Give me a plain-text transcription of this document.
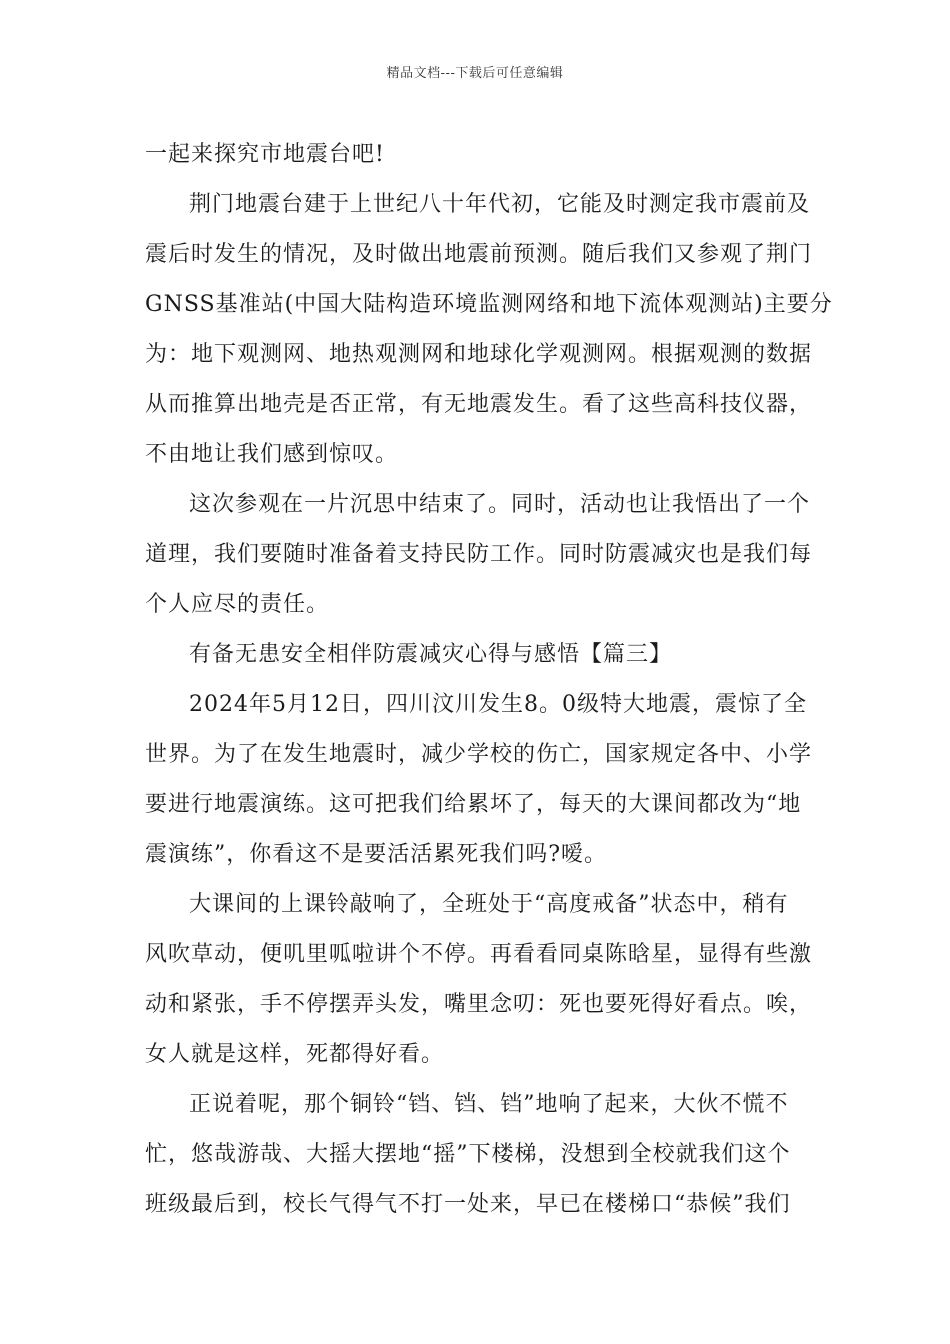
精品文档---下载后可任意编辑
一起来探究市地震台吧!
荆门地震台建于上世纪八十年代初，它能及时测定我市震前及
震后时发生的情况，及时做出地震前预测。随后我们又参观了荆门
GNSS基准站(中国大陆构造环境监测网络和地下流体观测站)主要分
为：地下观测网、地热观测网和地球化学观测网。根据观测的数据
从而推算出地壳是否正常，有无地震发生。看了这些高科技仪器，
不由地让我们感到惊叹。
这次参观在一片沉思中结束了。同时，活动也让我悟出了一个
道理，我们要随时准备着支持民防工作。同时防震减灾也是我们每
个人应尽的责任。
有备无患安全相伴防震减灾心得与感悟【篇三】
2024年5月12日，四川汶川发生8。0级特大地震，震惊了全
世界。为了在发生地震时，减少学校的伤亡，国家规定各中、小学
要进行地震演练。这可把我们给累坏了，每天的大课间都改为“地
震演练”，你看这不是要活活累死我们吗?嗳。
大课间的上课铃敲响了，全班处于“高度戒备”状态中，稍有
风吹草动，便叽里呱啦讲个不停。再看看同桌陈晗星，显得有些激
动和紧张，手不停摆弄头发，嘴里念叨：死也要死得好看点。唉，
女人就是这样，死都得好看。
正说着呢，那个铜铃“铛、铛、铛”地响了起来，大伙不慌不
忙，悠哉游哉、大摇大摆地“摇”下楼梯，没想到全校就我们这个
班级最后到，校长气得气不打一处来，早已在楼梯口“恭候”我们
